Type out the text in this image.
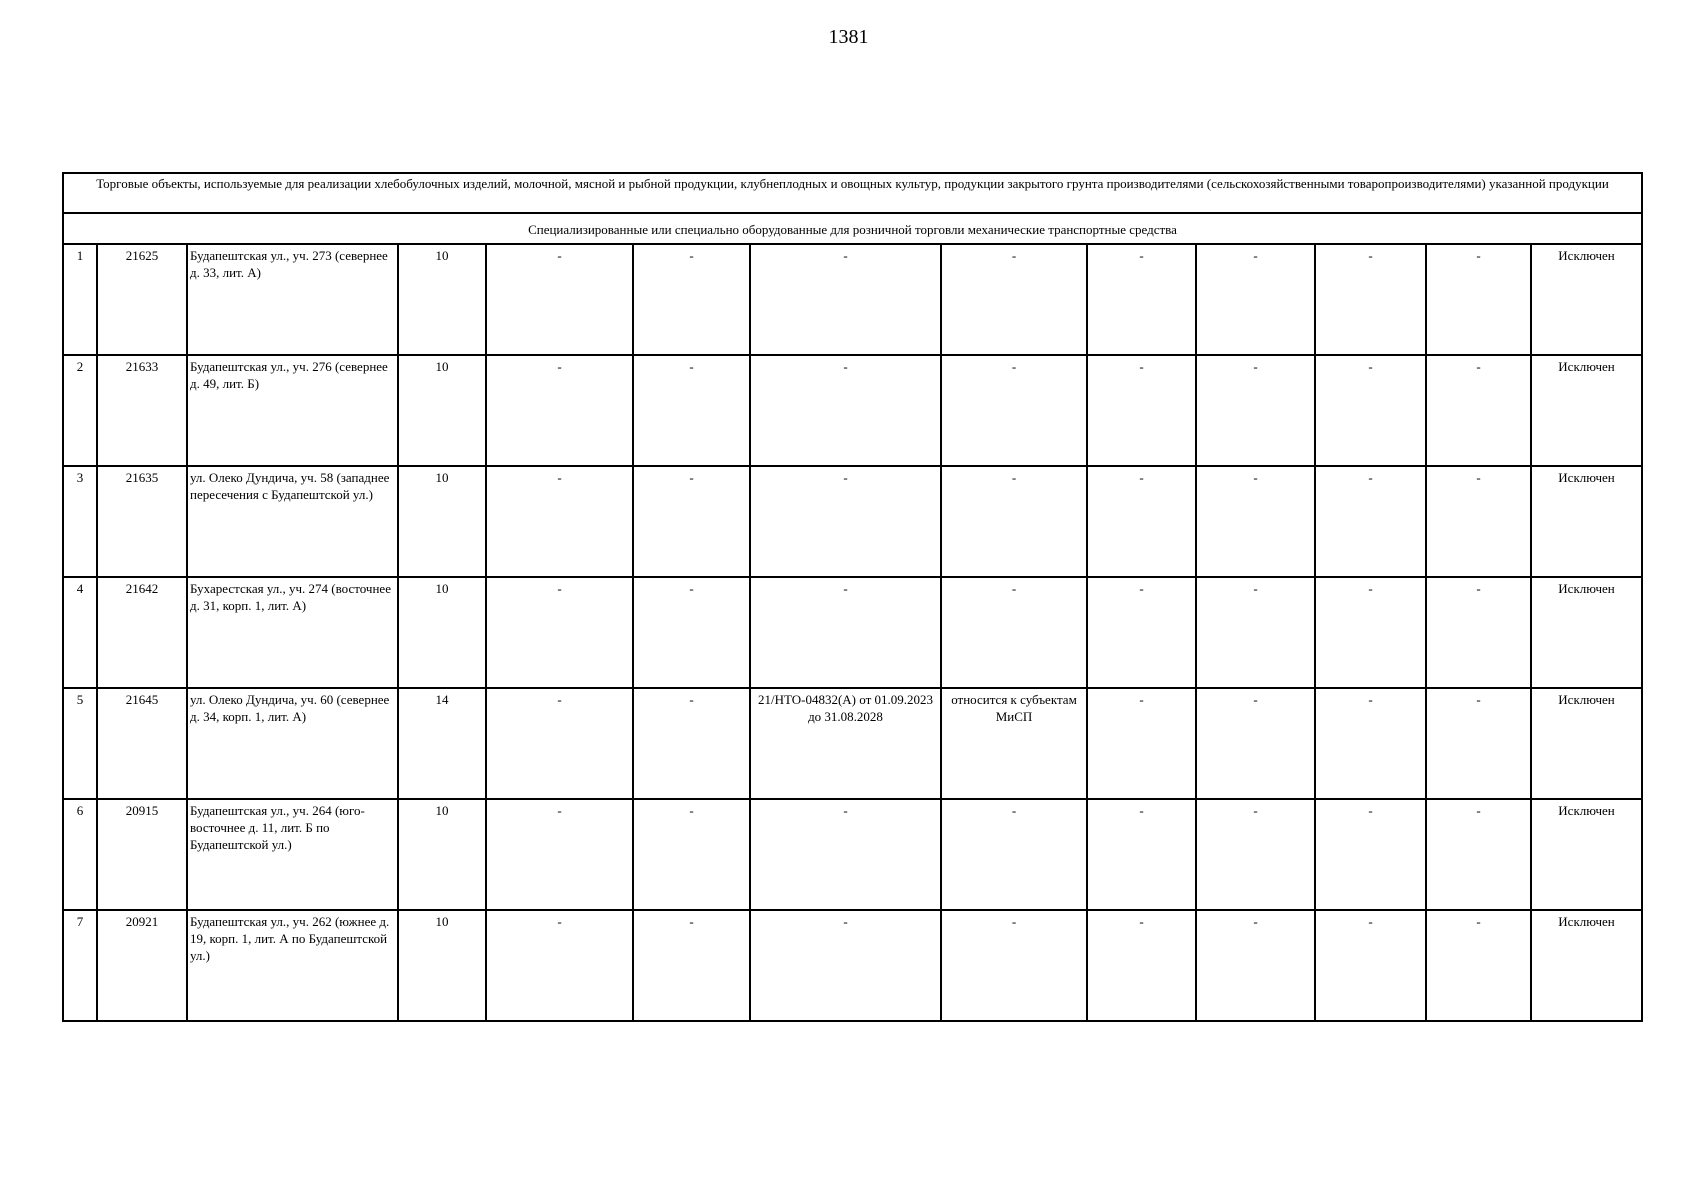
1381
Торговые объекты, используемые для реализации хлебобулочных изделий, молочной, мясной и рыбной продукции, клубнеплодных и овощных культур, продукции закрытого грунта производителями (сельскохозяйственными товаропроизводителями) указанной продукции												
Специализированные или специально оборудованные для розничной торговли механические транспортные средства												
1	21625	Будапештская ул., уч. 273 (севернее д. 33, лит. А)	10	-	-	-	-	-	-	-	-	Исключен
2	21633	Будапештская ул., уч. 276 (севернее д. 49, лит. Б)	10	-	-	-	-	-	-	-	-	Исключен
3	21635	ул. Олеко Дундича, уч. 58 (западнее пересечения с Будапештской ул.)	10	-	-	-	-	-	-	-	-	Исключен
4	21642	Бухарестская ул., уч. 274 (восточнее д. 31, корп. 1, лит. А)	10	-	-	-	-	-	-	-	-	Исключен
5	21645	ул. Олеко Дундича, уч. 60 (севернее д. 34, корп. 1, лит. А)	14	-	-	21/НТО-04832(А) от 01.09.2023 до 31.08.2028	относится к субъектам МиСП	-	-	-	-	Исключен
6	20915	Будапештская ул., уч. 264 (юго-восточнее д. 11, лит. Б по Будапештской ул.)	10	-	-	-	-	-	-	-	-	Исключен
7	20921	Будапештская ул., уч. 262 (южнее д. 19, корп. 1, лит. А по Будапештской ул.)	10	-	-	-	-	-	-	-	-	Исключен
